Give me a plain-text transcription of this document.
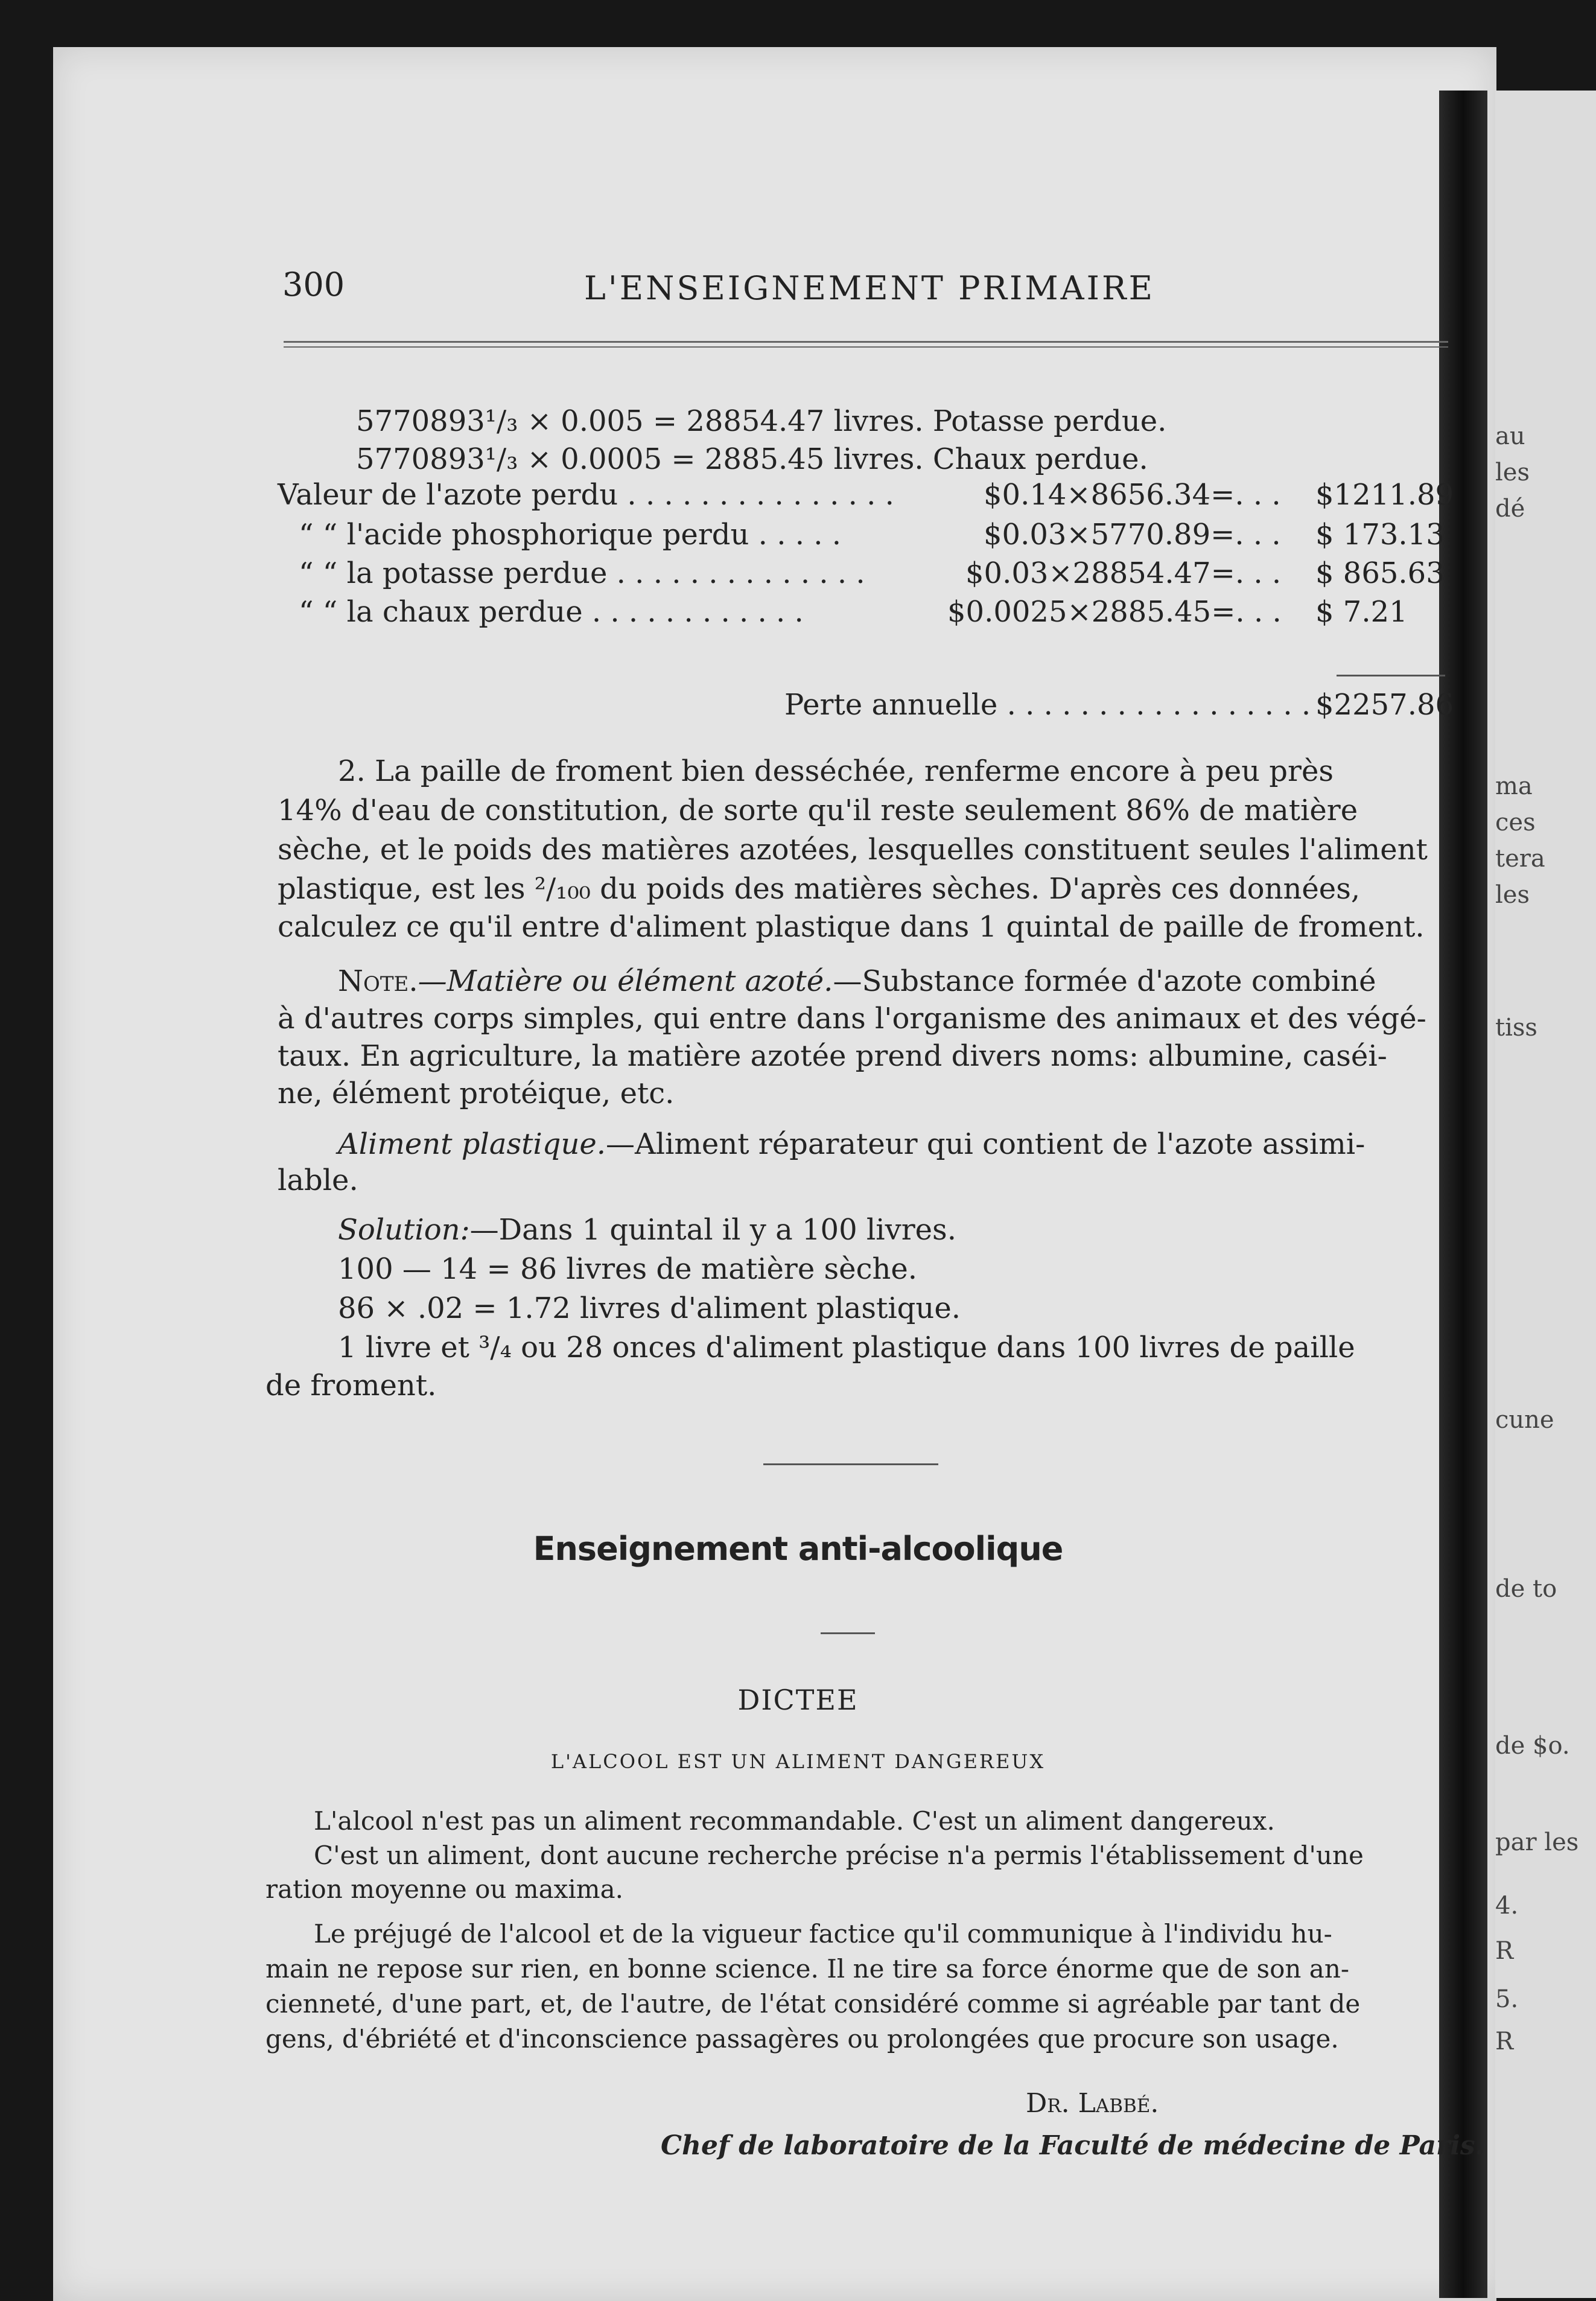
au
les
dé
ma
ces
tera
les
tiss
cune
de to
de $o.
par les
4.
R
5.
R
300	L'ENSEIGNEMENT PRIMAIRE
5770893¹/₃ × 0.005 = 28854.47 livres. Potasse perdue.
5770893¹/₃ × 0.0005 = 2885.45 livres. Chaux perdue.
Valeur de l'azote perdu . . . . . . . . . . . . . . .	$0.14×8656.34=. . . $1211.89
“ “ l'acide phosphorique perdu . . . . .	$0.03×5770.89=. . . $ 173.13
“ “ la potasse perdue . . . . . . . . . . . . . .	$0.03×28854.47=. . . $ 865.63
“ “ la chaux perdue . . . . . . . . . . . .	$0.0025×2885.45=. . . $ 7.21
Perte annuelle . . . . . . . . . . . . . . . . . $2257.86
2. La paille de froment bien desséchée, renferme encore à peu près
14% d'eau de constitution, de sorte qu'il reste seulement 86% de matière
sèche, et le poids des matières azotées, lesquelles constituent seules l'aliment
plastique, est les ²/₁₀₀ du poids des matières sèches. D'après ces données,
calculez ce qu'il entre d'aliment plastique dans 1 quintal de paille de froment.
Note.—Matière ou élément azoté.—Substance formée d'azote combiné
à d'autres corps simples, qui entre dans l'organisme des animaux et des végé-
taux. En agriculture, la matière azotée prend divers noms: albumine, caséi-
ne, élément protéique, etc.
Aliment plastique.—Aliment réparateur qui contient de l'azote assimi-
lable.
Solution:—Dans 1 quintal il y a 100 livres.
100 — 14 = 86 livres de matière sèche.
86 × .02 = 1.72 livres d'aliment plastique.
1 livre et ³/₄ ou 28 onces d'aliment plastique dans 100 livres de paille
de froment.
Enseignement anti-alcoolique
DICTEE
L'ALCOOL EST UN ALIMENT DANGEREUX
L'alcool n'est pas un aliment recommandable. C'est un aliment dangereux.
C'est un aliment, dont aucune recherche précise n'a permis l'établissement d'une
ration moyenne ou maxima.
Le préjugé de l'alcool et de la vigueur factice qu'il communique à l'individu hu-
main ne repose sur rien, en bonne science. Il ne tire sa force énorme que de son an-
cienneté, d'une part, et, de l'autre, de l'état considéré comme si agréable par tant de
gens, d'ébriété et d'inconscience passagères ou prolongées que procure son usage.
Dr. Labbé.
Chef de laboratoire de la Faculté de médecine de Paris.
